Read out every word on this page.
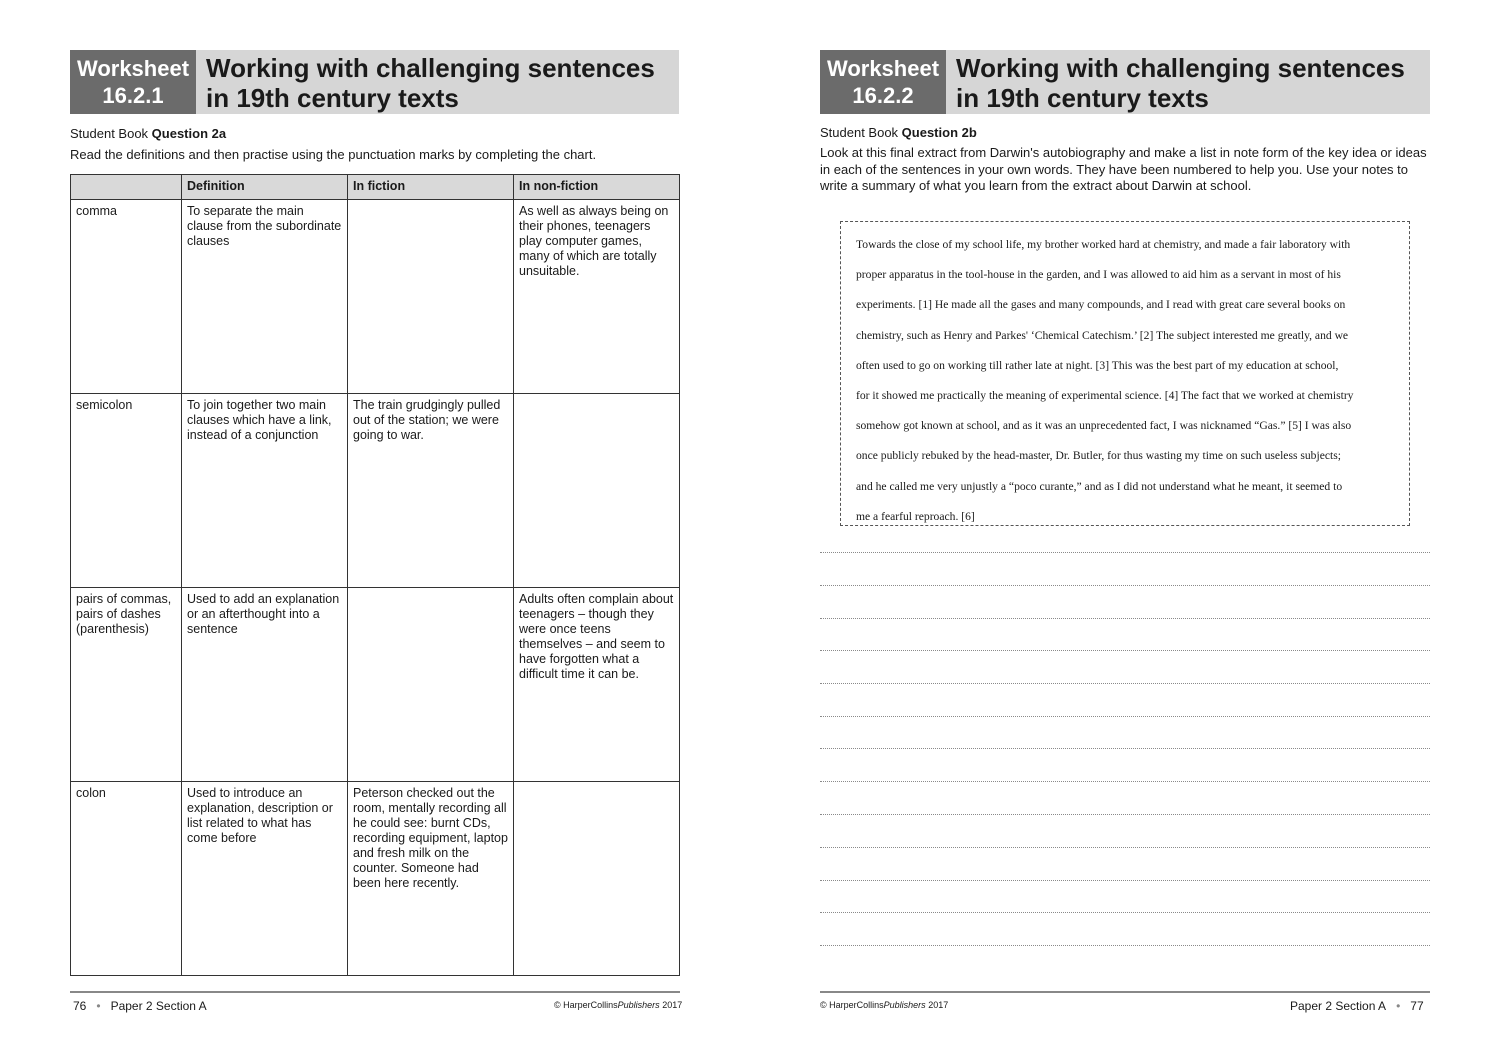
Worksheet
16.2.1
Working with challenging sentences
in 19th century texts
Student Book Question 2a
Read the definitions and then practise using the punctuation marks by completing the chart.
	Definition	In fiction	In non-fiction
comma	To separate the main clause from the subordinate clauses		As well as always being on their phones, teenagers play computer games, many of which are totally unsuitable.
semicolon	To join together two main clauses which have a link, instead of a conjunction	The train grudgingly pulled out of the station; we were going to war.	
pairs of commas, pairs of dashes (parenthesis)	Used to add an explanation or an afterthought into a sentence		Adults often complain about teenagers – though they were once teens themselves – and seem to have forgotten what a difficult time it can be.
colon	Used to introduce an explanation, description or list related to what has come before	Peterson checked out the room, mentally recording all he could see: burnt CDs, recording equipment, laptop and fresh milk on the counter. Someone had been here recently.	
76 • Paper 2 Section A	© HarperCollinsPublishers 2017
Worksheet
16.2.2
Working with challenging sentences
in 19th century texts
Student Book Question 2b
Look at this final extract from Darwin's autobiography and make a list in note form of the key idea or ideas in each of the sentences in your own words. They have been numbered to help you. Use your notes to write a summary of what you learn from the extract about Darwin at school.
Towards the close of my school life, my brother worked hard at chemistry, and made a fair laboratory with
proper apparatus in the tool-house in the garden, and I was allowed to aid him as a servant in most of his
experiments. [1] He made all the gases and many compounds, and I read with great care several books on
chemistry, such as Henry and Parkes' ‘Chemical Catechism.’ [2] The subject interested me greatly, and we
often used to go on working till rather late at night. [3] This was the best part of my education at school,
for it showed me practically the meaning of experimental science. [4] The fact that we worked at chemistry
somehow got known at school, and as it was an unprecedented fact, I was nicknamed “Gas.” [5] I was also
once publicly rebuked by the head-master, Dr. Butler, for thus wasting my time on such useless subjects;
and he called me very unjustly a “poco curante,” and as I did not understand what he meant, it seemed to
me a fearful reproach. [6]
© HarperCollinsPublishers 2017	Paper 2 Section A • 77
